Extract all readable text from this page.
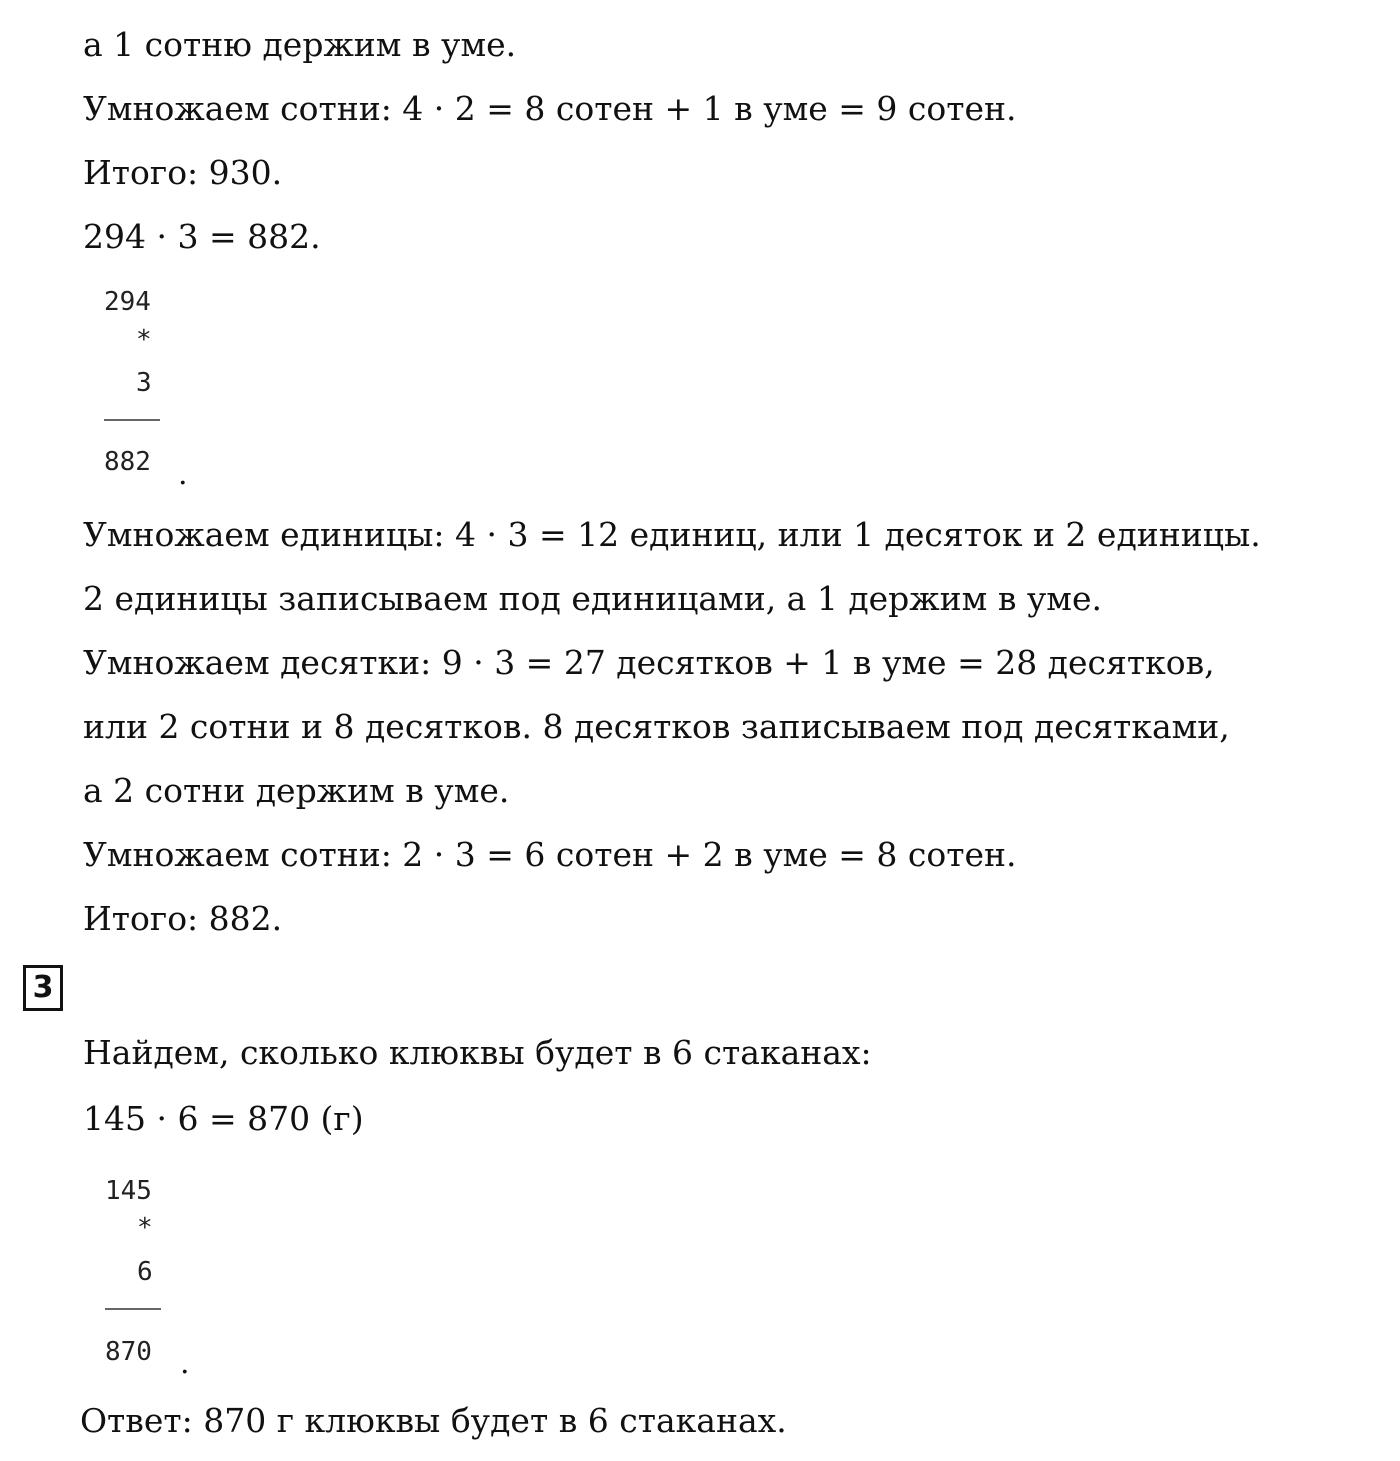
а 1 сотню держим в уме.
Умножаем сотни: 4 · 2 = 8 сотен + 1 в уме = 9 сотен.
Итого: 930.
294 · 3 = 882.
294
*
3
882 .
Умножаем единицы: 4 · 3 = 12 единиц, или 1 десяток и 2 единицы.
2 единицы записываем под единицами, а 1 держим в уме.
Умножаем десятки: 9 · 3 = 27 десятков + 1 в уме = 28 десятков,
или 2 сотни и 8 десятков. 8 десятков записываем под десятками,
а 2 сотни держим в уме.
Умножаем сотни: 2 · 3 = 6 сотен + 2 в уме = 8 сотен.
Итого: 882.
3
Найдем, сколько клюквы будет в 6 стаканах:
145 · 6 = 870 (г)
145
*
6
870 .
Ответ: 870 г клюквы будет в 6 стаканах.
